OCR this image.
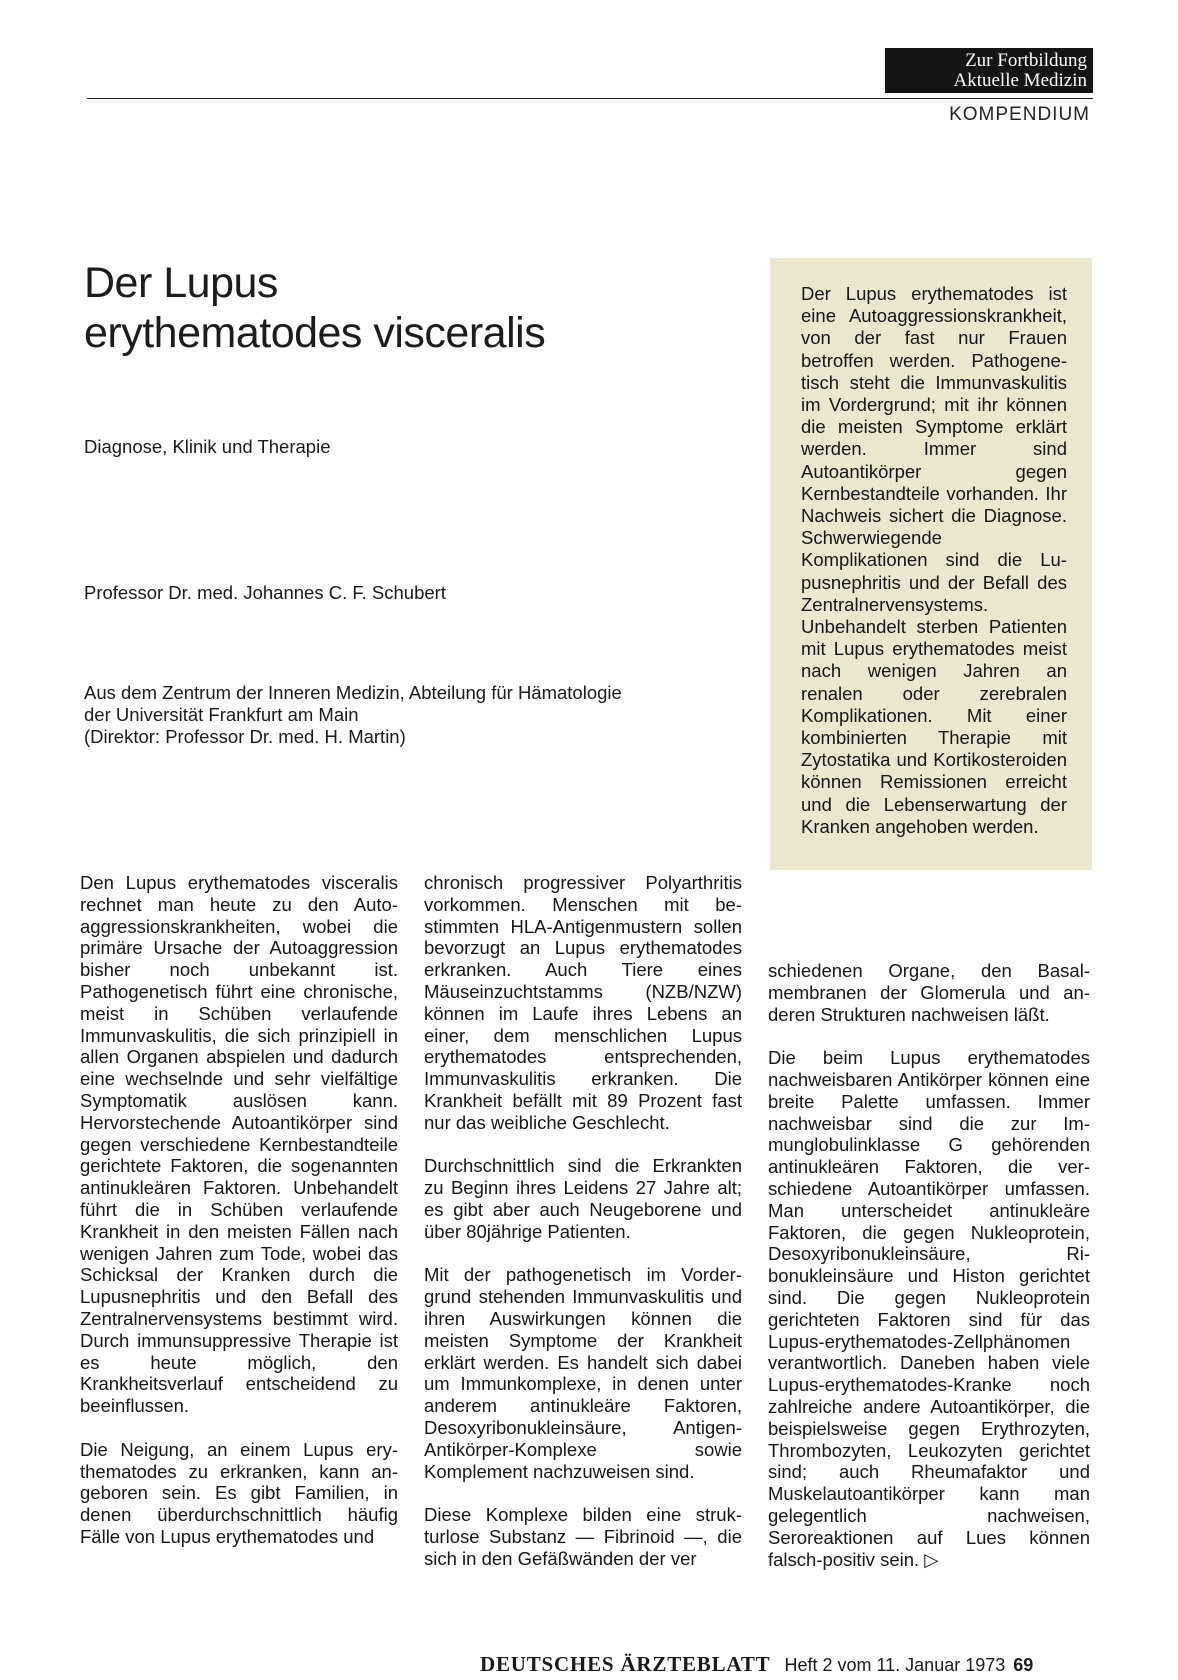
Zur Fortbildung
Aktuelle Medizin
KOMPENDIUM
Der Lupus
erythematodes visceralis
Diagnose, Klinik und Therapie
Professor Dr. med. Johannes C. F. Schubert
Aus dem Zentrum der Inneren Medizin, Abteilung für Hämatologie
der Universität Frankfurt am Main
(Direktor: Professor Dr. med. H. Martin)
Der Lupus erythematodes ist eine Autoaggressionskrankheit, von der fast nur Frauen betroffen werden. Pathogenetisch steht die Immunvaskulitis im Vordergrund; mit ihr können die meisten Symptome erklärt werden. Immer sind Autoantikörper gegen Kernbestandteile vorhanden. Ihr Nachweis sichert die Diagnose. Schwerwiegende Komplikationen sind die Lupusnephritis und der Befall des Zentralnervensystems. Unbehandelt sterben Patienten mit Lupus erythematodes meist nach wenigen Jahren an renalen oder zerebralen Komplikationen. Mit einer kombinierten Therapie mit Zytostatika und Kortikosteroiden können Remissionen erreicht und die Lebenserwartung der Kranken angehoben werden.

Den Lupus erythematodes visceralis rechnet man heute zu den Autoaggressionskrankheiten, wobei die primäre Ursache der Autoaggression bisher noch unbekannt ist. Pathogenetisch führt eine chronische, meist in Schüben verlaufende Immunvaskulitis, die sich prinzipiell in allen Organen abspielen und dadurch eine wechselnde und sehr vielfältige Symptomatik auslösen kann. Hervorstechende Autoantikörper sind gegen verschiedene Kernbestandteile gerichtete Faktoren, die sogenannten antinukleären Faktoren. Unbehandelt führt die in Schüben verlaufende Krankheit in den meisten Fällen nach wenigen Jahren zum Tode, wobei das Schicksal der Kranken durch die Lupusnephritis und den Befall des Zentralnervensystems bestimmt wird. Durch immunsuppressive Therapie ist es heute möglich, den Krankheitsverlauf entscheidend zu beeinflussen.

Die Neigung, an einem Lupus erythematodes zu erkranken, kann angeboren sein. Es gibt Familien, in denen überdurchschnittlich häufig Fälle von Lupus erythematodes und

chronisch progressiver Polyarthritis vorkommen. Menschen mit bestimmten HLA-Antigenmustern sollen bevorzugt an Lupus erythematodes erkranken. Auch Tiere eines Mäuseinzuchtstamms (NZB/NZW) können im Laufe ihres Lebens an einer, dem menschlichen Lupus erythematodes entsprechenden, Immunvaskulitis erkranken. Die Krankheit befällt mit 89 Prozent fast nur das weibliche Geschlecht.

Durchschnittlich sind die Erkrankten zu Beginn ihres Leidens 27 Jahre alt; es gibt aber auch Neugeborene und über 80jährige Patienten.

Mit der pathogenetisch im Vordergrund stehenden Immunvaskulitis und ihren Auswirkungen können die meisten Symptome der Krankheit erklärt werden. Es handelt sich dabei um Immunkomplexe, in denen unter anderem antinukleäre Faktoren, Desoxyribonukleinsäure, Antigen-Antikörper-Komplexe sowie Komplement nachzuweisen sind.

Diese Komplexe bilden eine strukturlose Substanz — Fibrinoid —, die sich in den Gefäßwänden der ver

schiedenen Organe, den Basalmembranen der Glomerula und anderen Strukturen nachweisen läßt.

Die beim Lupus erythematodes nachweisbaren Antikörper können eine breite Palette umfassen. Immer nachweisbar sind die zur Immunglobulinklasse G gehörenden antinukleären Faktoren, die verschiedene Autoantikörper umfassen. Man unterscheidet antinukleäre Faktoren, die gegen Nukleoprotein, Desoxyribonukleinsäure, Ribonukleinsäure und Histon gerichtet sind. Die gegen Nukleoprotein gerichteten Faktoren sind für das Lupus-erythematodes-Zellphänomen verantwortlich. Daneben haben viele Lupus-erythematodes-Kranke noch zahlreiche andere Autoantikörper, die beispielsweise gegen Erythrozyten, Thrombozyten, Leukozyten gerichtet sind; auch Rheumafaktor und Muskelautoantikörper kann man gelegentlich nachweisen, Seroreaktionen auf Lues können falsch-positiv sein. ▷

DEUTSCHES ÄRZTEBLATT Heft 2 vom 11. Januar 1973 69
